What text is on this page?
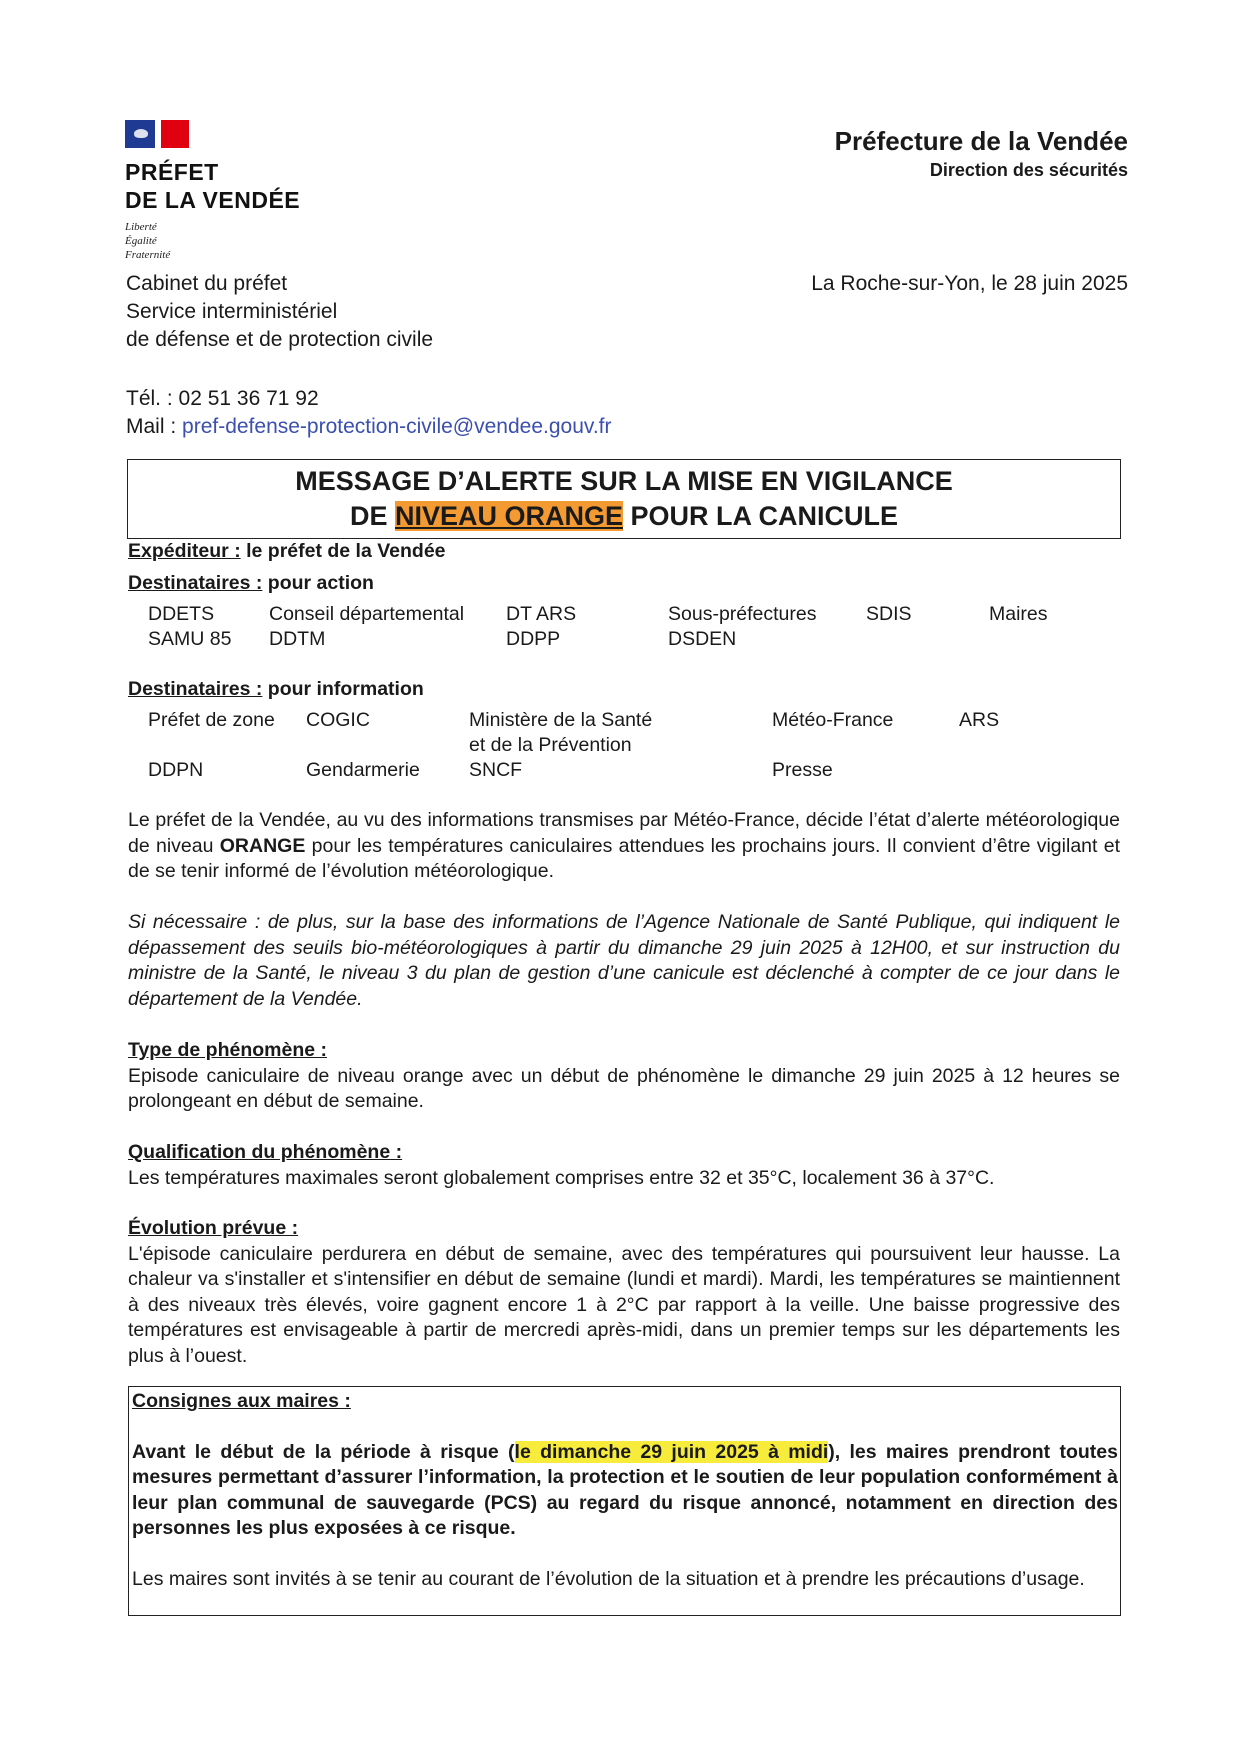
PRÉFET
DE LA VENDÉE
Liberté
Égalité
Fraternité
Préfecture de la Vendée
Direction des sécurités
Cabinet du préfet
Service interministériel
de défense et de protection civile
La Roche-sur-Yon, le 28 juin 2025
Tél. : 02 51 36 71 92
Mail : pref-defense-protection-civile@vendee.gouv.fr
MESSAGE D’ALERTE SUR LA MISE EN VIGILANCE
DE NIVEAU ORANGE POUR LA CANICULE
Expéditeur : le préfet de la Vendée
Destinataires : pour action
DDETS	Conseil départemental	DT ARS	Sous-préfectures	SDIS	Maires
SAMU 85	DDTM	DDPP	DSDEN		
Destinataires : pour information
Préfet de zone	COGIC	Ministère de la Santé	Météo-France	ARS
		et de la Prévention		
DDPN	Gendarmerie	SNCF	Presse	
Le préfet de la Vendée, au vu des informations transmises par Météo-France, décide l’état d’alerte météorologique de niveau ORANGE pour les températures caniculaires attendues les prochains jours. Il convient d’être vigilant et de se tenir informé de l’évolution météorologique.
Si nécessaire : de plus, sur la base des informations de l’Agence Nationale de Santé Publique, qui indiquent le dépassement des seuils bio-météorologiques à partir du dimanche 29 juin 2025 à 12H00, et sur instruction du ministre de la Santé, le niveau 3 du plan de gestion d’une canicule est déclenché à compter de ce jour dans le département de la Vendée.
Type de phénomène :
Episode caniculaire de niveau orange avec un début de phénomène le dimanche 29 juin 2025 à 12 heures se prolongeant en début de semaine.
Qualification du phénomène :
Les températures maximales seront globalement comprises entre 32 et 35°C, localement 36 à 37°C.
Évolution prévue :
L'épisode caniculaire perdurera en début de semaine, avec des températures qui poursuivent leur hausse. La chaleur va s'installer et s'intensifier en début de semaine (lundi et mardi). Mardi, les températures se maintiennent à des niveaux très élevés, voire gagnent encore 1 à 2°C par rapport à la veille. Une baisse progressive des températures est envisageable à partir de mercredi après-midi, dans un premier temps sur les départements les plus à l’ouest.
Consignes aux maires :
Avant le début de la période à risque (le dimanche 29 juin 2025 à midi), les maires prendront toutes mesures permettant d’assurer l’information, la protection et le soutien de leur population conformément à leur plan communal de sauvegarde (PCS) au regard du risque annoncé, notamment en direction des personnes les plus exposées à ce risque.
Les maires sont invités à se tenir au courant de l’évolution de la situation et à prendre les précautions d’usage.
